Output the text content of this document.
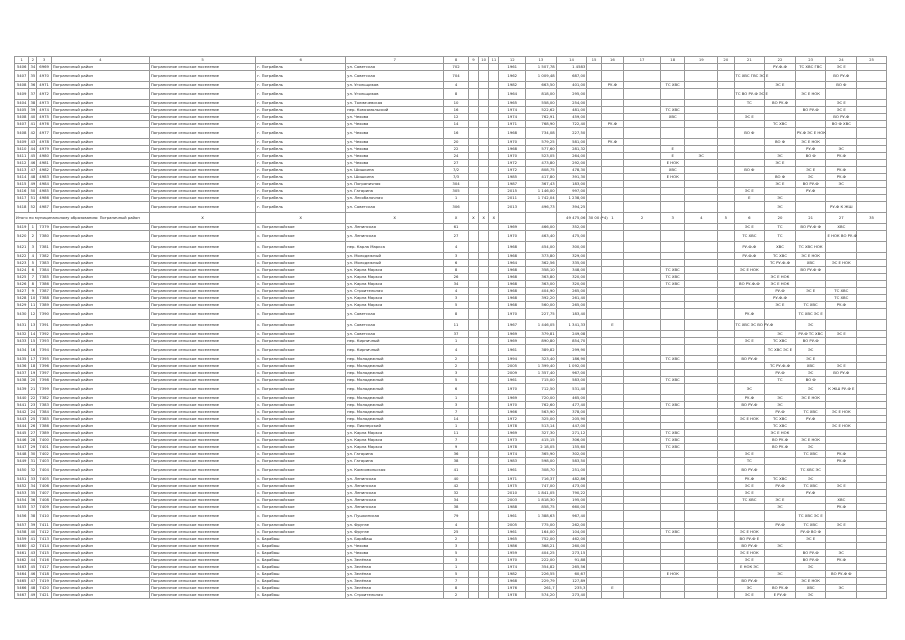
1	2	3	4	5	6	7	8	9	10	11	12	13	14	15	16	17	18	19	20	21	22	23	24	25
5406	34	6969	Пограничный район	Пограничное сельское поселение	г. Пограбель	ул. Советская	702				1961	1 507,78	1 4583								РУ-Ф-Ф	ТС ХВС ГВС	ЭС Е	
5407	35	4970	Пограничный район	Пограничное сельское поселение	г. Пограбель	ул. Советская	704				1962	1 009,48	687,00							ТС ХВС ГВС ЭС Е			ВО РУ-Ф	
5408	36	4971	Пограничный район	Пограничное сельское поселение	г. Пограбель	ул. Угольщиков	4				1982	663,50	401,00		РУ-Ф		ТС ХВС				ЭС Е		ВО Ф	
5409	37	4972	Пограничный район	Пограничное сельское поселение	г. Пограбель	ул. Угольщиков	8				1964	818,00	295,00							ТС ВО РУ-Ф ЭС Е		ЭС Е НОК		
5404	38	4973	Пограничный район	Пограничное сельское поселение	г. Пограбель	ул. Толмачевская	10				1965	558,00	254,00							ТС	ВО РУ-Ф		ЭС Е	
5405	39	4974	Пограничный район	Пограничное сельское поселение	г. Пограбель	пер. Комсомольский	16				1974	522,62	481,00				ТС ХВС					ВО РУ-Ф	ЭС Е	
5408	40	4975	Пограничный район	Пограничное сельское поселение	г. Пограбель	ул. Чехова	12				1974	762,91	459,00				ХВС			ЭС Е			ВО РУ-Ф	
5407	41	4976	Пограничный район	Пограничное сельское поселение	г. Пограбель	ул. Чехова	14				1971	768,90	722,40		РУ-Ф						ТС ХВС		ВО Ф ХВС	
5408	42	4977	Пограничный район	Пограничное сельское поселение	г. Пограбель	ул. Чехова	16				1968	734,08	227,50							ВО Ф		РУ-Ф ЭС Е НОК		
5409	43	4978	Пограничный район	Пограничное сельское поселение	г. Пограбель	ул. Чехова	20				1970	579,25	581,00		РУ-Ф						ВО Ф	ЭС Е НОК		
5410	44	4979	Пограничный район	Пограничное сельское поселение	г. Пограбель	ул. Чехова	22				1968	577,60	281,32				Е					РУ-Ф	ЭС	
5411	45	4980	Пограничный район	Пограничное сельское поселение	г. Пограбель	ул. Чехова	24				1970	523,05	264,00				Е	ЭС			ЭС	ВО Ф	РУ-Ф	
5412	46	4981	Пограничный район	Пограничное сельское поселение	г. Пограбель	ул. Чехова	27				1972	473,80	292,00				Е НОК				ЭС Е			
5413	47	4982	Пограничный район	Пограничное сельское поселение	г. Пограбель	ул. Шишкина	7/2				1972	808,75	478,30				ХВС			ВО Ф		ЭС Е	РУ-Ф	
5414	48	4983	Пограничный район	Пограничное сельское поселение	г. Пограбель	ул. Шишкина	7/3				1985	417,80	391,30				Е НОК				ВО Ф	ЭС	РУ-Ф	
5415	49	4984	Пограничный район	Пограничное сельское поселение	г. Пограбель	ул. Пограничная	304				1987	367,43	183,00								ЭС Е	ВО РУ-Ф	ЭС	
5416	50	4985	Пограничный район	Пограничное сельское поселение	г. Пограбель	ул. Гагарина	305				2015	1 146,00	997,00							ЭС Е		РУ-Ф		
5417	51	4986	Пограничный район	Пограничное сельское поселение	г. Пограбель	ул. Лесобалочная	1				2011	1 742,04	1 238,00							Е	ЭС			
5418	52	4987	Пограничный район	Пограничное сельское поселение	г. Пограбель	ул. Советская	306				2013	496,73	394,25								ЭС		РУ-Ф К ЖШ	
Итого по муниципальному образованию: Пограничный район				Х	Х	Х	Х	Х	Х	Х			49 475,06	30 00 (*4)	1	2	3	4	5	6	20	21	27	35
5419	1	7379	Пограничный район	Пограничное сельское поселение	с. Пограничайское	ул. Ленинская	61				1969	466,00	352,00							ЭС Е	ТС	ВО РУ-Ф Ф	ХВС	
5420	2	7380	Пограничный район	Пограничное сельское поселение	с. Пограничайское	ул. Ленинская	27				1970	463,40	475,00							ТС ХВС	ТС		Е НОК ВО РУ-Ф	
5421	3	7381	Пограничный район	Пограничное сельское поселение	с. Пограничайское	пер. Карла Маркса	4				1968	454,00	300,00							РУ-Ф-Ф	ХВС	ТС ХВС НОК		
5422	4	7382	Пограничный район	Пограничное сельское поселение	с. Пограничайское	ул. Молодежный	3				1968	373,80	329,00							РУ-Ф-Ф	ТС ХВС	ЭС Е НОК		
5423	5	7383	Пограничный район	Пограничное сельское поселение	с. Пограничайское	ул. Молодежный	6				1964	362,56	335,00								ТС РУ-Ф-Ф	ХВС	ЭС Е НОК	
5424	6	7384	Пограничный район	Пограничное сельское поселение	с. Пограничайское	ул. Карла Маркса	8				1968	358,10	348,00				ТС ХВС			ЭС Е НОК		ВО РУ-Ф Ф		
5425	7	7385	Пограничный район	Пограничное сельское поселение	с. Пограничайское	ул. Карла Маркса	26				1968	363,80	320,00				ТС ХВС				ЭС Е НОК			
5426	8	7386	Пограничный район	Пограничное сельское поселение	с. Пограничайское	ул. Карла Маркса	34				1968	363,00	320,00				ТС ХВС			ВО РУ-Ф-Ф	ЭС Е НОК			
5427	9	7387	Пограничный район	Пограничное сельское поселение	с. Пограничайское	ул. Строительная	4				1968	404,90	265,00								РУ-Ф	ЭС Е	ТС ХВС	
5428	10	7388	Пограничный район	Пограничное сельское поселение	с. Пограничайское	ул. Карла Маркса	3				1968	392,20	261,40								РУ-Ф-Ф		ТС ХВС	
5429	11	7389	Пограничный район	Пограничное сельское поселение	с. Пограничайское	ул. Карла Маркса	5				1968	560,00	265,00								ЭС Е	ТС ХВС	РУ-Ф	
5430	12	7390	Пограничный район	Пограничное сельское поселение	с. Пограничайское	ул. Советская	8				1970	227,75	183,40							РУ-Ф		ТС ХВС ЭС Е		
5431	13	7391	Пограничный район	Пограничное сельское поселение	с. Пограничайское	ул. Советская	11				1967	1 446,05	1 341,33		Е					ТС ХВС ЭС ВО РУ-Ф		ЭС		
5432	14	7392	Пограничный район	Пограничное сельское поселение	с. Пограничайское	ул. Советская	37				1969	379,81	249,08								ЭС	РУ-Ф ТС ХВС	ЭС Е	
5433	15	7393	Пограничный район	Пограничное сельское поселение	с. Пограничайское	пер. Кирпичный	1				1969	890,80	854,70							ЭС Е	ТС ХВС	ВО РУ-Ф		
5434	16	7394	Пограничный район	Пограничное сельское поселение	с. Пограничайское	пер. Кирпичный	4				1961	389,82	299,90								ТС ХВС ЭС Е	ЭС		
5435	17	7395	Пограничный район	Пограничное сельское поселение	с. Пограничайское	пер. Молодежный	2				1994	323,40	186,90				ТС ХВС			ВО РУ-Ф		ЭС Е		
5436	18	7396	Пограничный район	Пограничное сельское поселение	с. Пограничайское	пер. Молодежный	2				2005	1 399,40	1 092,00								ТС РУ-Ф-Ф	ХВС	ЭС Е	
5437	19	7397	Пограничный район	Пограничное сельское поселение	с. Пограничайское	пер. Молодежный	3				2009	1 357,40	967,00								РУ-Ф	ЭС	ВО РУ-Ф	
5438	20	7398	Пограничный район	Пограничное сельское поселение	с. Пограничайское	пер. Молодежный	5				1961	715,00	583,00				ТС ХВС				ТС	ВО Ф		
5439	21	7399	Пограничный район	Пограничное сельское поселение	с. Пограничайское	пер. Молодежный	6				1970	712,50	531,40							ЭС		ЭС	К ЖШ РУ-Ф Е	
5440	22	7382	Пограничный район	Пограничное сельское поселение	с. Пограничайское	пер. Молодежный	1				1969	720,00	465,00							РУ-Ф	ЭС	ЭС Е НОК		
5441	23	7383	Пограничный район	Пограничное сельское поселение	с. Пограничайское	пер. Молодежный	3				1970	762,60	477,40				ТС ХВС			ВО РУ-Ф	ЭС			
5442	24	7384	Пограничный район	Пограничное сельское поселение	с. Пограничайское	пер. Молодежный	7				1966	563,90	378,00								РУ-Ф	ТС ХВС	ЭС Е НОК	
5443	25	7385	Пограничный район	Пограничное сельское поселение	с. Пограничайское	пер. Молодежный	14				1972	325,00	205,90							ЭС Е НОК	ТС ХВС	РУ-Ф		
5444	26	7386	Пограничный район	Пограничное сельское поселение	с. Пограничайское	пер. Пионерский	1				1978	513,14	447,00								ТС ХВС		ЭС Е НОК	
5445	27	7389	Пограничный район	Пограничное сельское поселение	с. Пограничайское	ул. Карла Маркса	11				1969	327,30	271,12				ТС ХВС				ЭС Е НОК			
5446	28	7400	Пограничный район	Пограничное сельское поселение	с. Пограничайское	ул. Карла Маркса	7				1973	415,15	306,00				ТС ХВС				ВО РУ-Ф	ЭС Е НОК		
5447	29	7401	Пограничный район	Пограничное сельское поселение	с. Пограничайское	ул. Карла Маркса	9				1978	2 18,05	155,60				ТС ХВС				ВО РУ-Ф	ЭС		
5448	30	7402	Пограничный район	Пограничное сельское поселение	с. Пограничайское	ул. Гагарина	36				1974	365,90	302,00							ЭС Е		ТС ХВС	РУ-Ф	
5449	31	7403	Пограничный район	Пограничное сельское поселение	с. Пограничайское	ул. Гагарина	38				1983	598,00	583,50							ТС			РУ-Ф	
5450	32	7404	Пограничный район	Пограничное сельское поселение	с. Пограничайское	ул. Комсомольская	41				1961	308,70	251,00							ВО РУ-Ф		ТС ХВС ЭС		
5451	33	7405	Пограничный район	Пограничное сельское поселение	с. Пограничайское	ул. Ленинская	40				1971	716,37	482,86							РУ-Ф	ТС ХВС	ЭС		
5452	34	7406	Пограничный район	Пограничное сельское поселение	с. Пограничайское	ул. Ленинская	42				1975	747,00	473,00							ЭС Е	РУ-Ф	ТС ХВС	ЭС Е	
5453	35	7407	Пограничный район	Пограничное сельское поселение	с. Пограничайское	ул. Ленинская	32				2010	1 841,05	790,22							ЭС Е		РУ-Ф		
5454	36	7408	Пограничный район	Пограничное сельское поселение	с. Пограничайское	ул. Ленинская	34				2003	1 818,30	195,00							ТС ХВС	ЭС Е		ХВС	
5455	37	7409	Пограничный район	Пограничное сельское поселение	с. Пограничайское	ул. Ленинская	38				1988	858,75	660,00								ЭС		РУ-Ф	
5456	38	7410	Пограничный район	Пограничное сельское поселение	с. Пограничайское	ул. Пушкинская	79				1961	1 388,63	967,40									ТС ХВС ЭС Е		
5457	39	7411	Пограничный район	Пограничное сельское поселение	с. Пограничайское	ул. Фрунзе	4				2005	775,00	262,00								РУ-Ф	ТС ХВС	ЭС Е	
5458	40	7412	Пограничный район	Пограничное сельское поселение	с. Пограничайское	ул. Фрунзе	25				1961	164,00	104,00				ТС ХВС			ЭС Е НОК		РУ-Ф ВО Ф		
5459	41	7413	Пограничный район	Пограничное сельское поселение	с. Барабаш	ул. Барабаш	2				1965	752,00	462,00							ВО РУ-Ф Е		ЭС Е		
5460	42	7414	Пограничный район	Пограничное сельское поселение	с. Барабаш	ул. Чехова	3				1986	368,21	260,00							ВО РУ-Ф	ЭС			
5461	43	7415	Пограничный район	Пограничное сельское поселение	с. Барабаш	ул. Чехова	5				1959	404,25	273,15							ЭС Е НОК		ВО РУ-Ф	ЭС	
5462	44	7416	Пограничный район	Пограничное сельское поселение	с. Барабаш	ул. Зелёная	3				1970	222,00	91,88							ЭС Е		ВО РУ-Ф	РУ-Ф	
5463	45	7417	Пограничный район	Пограничное сельское поселение	с. Барабаш	ул. Зелёная	1				1974	354,82	265,56							Е НОК ЭС		ЭС		
5464	46	7418	Пограничный район	Пограничное сельское поселение	с. Барабаш	ул. Зелёная	5				1982	226,55	60,67				Е НОК				ЭС		ВО РУ-Ф Ф	
5465	47	7419	Пограничный район	Пограничное сельское поселение	с. Барабаш	ул. Зелёная	7				1968	229,79	127,89							ВО РУ-Ф		ЭС Е НОК		
5466	48	7420	Пограничный район	Пограничное сельское поселение	с. Барабаш	ул. Зелёная	8				1976	261,7	235,3		Е					ЭС	ВО РУ-Ф	ХВС	ЭС	
5467	49	7421	Пограничный район	Пограничное сельское поселение	с. Барабаш	ул. Строительная	2				1978	574,20	273,40							ЭС Е	Е РУ-Ф	ЭС		
